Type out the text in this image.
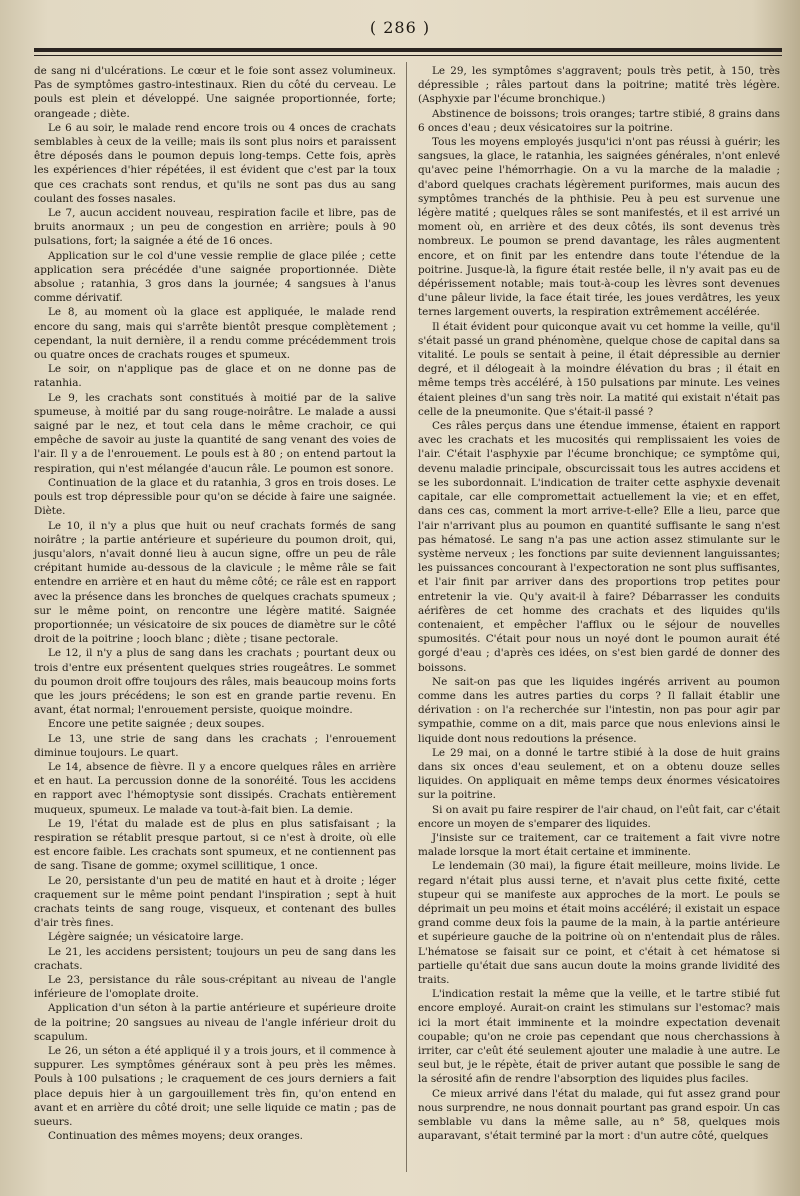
( 286 )

de sang ni d'ulcérations. Le cœur et le foie sont assez volumineux. Pas de symptômes gastro-intestinaux. Rien du côté du cerveau. Le pouls est plein et développé. Une saignée proportionnée, forte; orangeade ; diète.

Le 6 au soir, le malade rend encore trois ou 4 onces de crachats semblables à ceux de la veille; mais ils sont plus noirs et paraissent être déposés dans le poumon depuis long-temps. Cette fois, après les expériences d'hier répétées, il est évident que c'est par la toux que ces crachats sont rendus, et qu'ils ne sont pas dus au sang coulant des fosses nasales.

Le 7, aucun accident nouveau, respiration facile et libre, pas de bruits anormaux ; un peu de congestion en arrière; pouls à 90 pulsations, fort; la saignée a été de 16 onces.

Application sur le col d'une vessie remplie de glace pilée ; cette application sera précédée d'une saignée proportionnée. Diète absolue ; ratanhia, 3 gros dans la journée; 4 sangsues à l'anus comme dérivatif.

Le 8, au moment où la glace est appliquée, le malade rend encore du sang, mais qui s'arrête bientôt presque complètement ; cependant, la nuit dernière, il a rendu comme précédemment trois ou quatre onces de crachats rouges et spumeux.

Le soir, on n'applique pas de glace et on ne donne pas de ratanhia.

Le 9, les crachats sont constitués à moitié par de la salive spumeuse, à moitié par du sang rouge-noirâtre. Le malade a aussi saigné par le nez, et tout cela dans le même crachoir, ce qui empêche de savoir au juste la quantité de sang venant des voies de l'air. Il y a de l'enrouement. Le pouls est à 80 ; on entend partout la respiration, qui n'est mélangée d'aucun râle. Le poumon est sonore.

Continuation de la glace et du ratanhia, 3 gros en trois doses. Le pouls est trop dépressible pour qu'on se décide à faire une saignée. Diète.

Le 10, il n'y a plus que huit ou neuf crachats formés de sang noirâtre ; la partie antérieure et supérieure du poumon droit, qui, jusqu'alors, n'avait donné lieu à aucun signe, offre un peu de râle crépitant humide au-dessous de la clavicule ; le même râle se fait entendre en arrière et en haut du même côté; ce râle est en rapport avec la présence dans les bronches de quelques crachats spumeux ; sur le même point, on rencontre une légère matité. Saignée proportionnée; un vésicatoire de six pouces de diamètre sur le côté droit de la poitrine ; looch blanc ; diète ; tisane pectorale.

Le 12, il n'y a plus de sang dans les crachats ; pourtant deux ou trois d'entre eux présentent quelques stries rougeâtres. Le sommet du poumon droit offre toujours des râles, mais beaucoup moins forts que les jours précédens; le son est en grande partie revenu. En avant, état normal; l'enrouement persiste, quoique moindre.

Encore une petite saignée ; deux soupes.

Le 13, une strie de sang dans les crachats ; l'enrouement diminue toujours. Le quart.

Le 14, absence de fièvre. Il y a encore quelques râles en arrière et en haut. La percussion donne de la sonoréité. Tous les accidens en rapport avec l'hémoptysie sont dissipés. Crachats entièrement muqueux, spumeux. Le malade va tout-à-fait bien. La demie.

Le 19, l'état du malade est de plus en plus satisfaisant ; la respiration se rétablit presque partout, si ce n'est à droite, où elle est encore faible. Les crachats sont spumeux, et ne contiennent pas de sang. Tisane de gomme; oxymel scillitique, 1 once.

Le 20, persistante d'un peu de matité en haut et à droite ; léger craquement sur le même point pendant l'inspiration ; sept à huit crachats teints de sang rouge, visqueux, et contenant des bulles d'air très fines.

Légère saignée; un vésicatoire large.

Le 21, les accidens persistent; toujours un peu de sang dans les crachats.

Le 23, persistance du râle sous-crépitant au niveau de l'angle inférieure de l'omoplate droite.

Application d'un séton à la partie antérieure et supérieure droite de la poitrine; 20 sangsues au niveau de l'angle inférieur droit du scapulum.

Le 26, un séton a été appliqué il y a trois jours, et il commence à suppurer. Les symptômes généraux sont à peu près les mêmes. Pouls à 100 pulsations ; le craquement de ces jours derniers a fait place depuis hier à un gargouillement très fin, qu'on entend en avant et en arrière du côté droit; une selle liquide ce matin ; pas de sueurs.

Continuation des mêmes moyens; deux oranges.

Le 29, les symptômes s'aggravent; pouls très petit, à 150, très dépressible ; râles partout dans la poitrine; matité très légère. (Asphyxie par l'écume bronchique.)

Abstinence de boissons; trois oranges; tartre stibié, 8 grains dans 6 onces d'eau ; deux vésicatoires sur la poitrine.

Tous les moyens employés jusqu'ici n'ont pas réussi à guérir; les sangsues, la glace, le ratanhia, les saignées générales, n'ont enlevé qu'avec peine l'hémorrhagie. On a vu la marche de la maladie ; d'abord quelques crachats légèrement puriformes, mais aucun des symptômes tranchés de la phthisie. Peu à peu est survenue une légère matité ; quelques râles se sont manifestés, et il est arrivé un moment où, en arrière et des deux côtés, ils sont devenus très nombreux. Le poumon se prend davantage, les râles augmentent encore, et on finit par les entendre dans toute l'étendue de la poitrine. Jusque-là, la figure était restée belle, il n'y avait pas eu de dépérissement notable; mais tout-à-coup les lèvres sont devenues d'une pâleur livide, la face était tirée, les joues verdâtres, les yeux ternes largement ouverts, la respiration extrêmement accélérée.

Il était évident pour quiconque avait vu cet homme la veille, qu'il s'était passé un grand phénomène, quelque chose de capital dans sa vitalité. Le pouls se sentait à peine, il était dépressible au dernier degré, et il délogeait à la moindre élévation du bras ; il était en même temps très accéléré, à 150 pulsations par minute. Les veines étaient pleines d'un sang très noir. La matité qui existait n'était pas celle de la pneumonite. Que s'était-il passé ?

Ces râles perçus dans une étendue immense, étaient en rapport avec les crachats et les mucosités qui remplissaient les voies de l'air. C'était l'asphyxie par l'écume bronchique; ce symptôme qui, devenu maladie principale, obscurcissait tous les autres accidens et se les subordonnait. L'indication de traiter cette asphyxie devenait capitale, car elle compromettait actuellement la vie; et en effet, dans ces cas, comment la mort arrive-t-elle? Elle a lieu, parce que l'air n'arrivant plus au poumon en quantité suffisante le sang n'est pas hématosé. Le sang n'a pas une action assez stimulante sur le système nerveux ; les fonctions par suite deviennent languissantes; les puissances concourant à l'expectoration ne sont plus suffisantes, et l'air finit par arriver dans des proportions trop petites pour entretenir la vie. Qu'y avait-il à faire? Débarrasser les conduits aérifères de cet homme des crachats et des liquides qu'ils contenaient, et empêcher l'afflux ou le séjour de nouvelles spumosités. C'était pour nous un noyé dont le poumon aurait été gorgé d'eau ; d'après ces idées, on s'est bien gardé de donner des boissons.

Ne sait-on pas que les liquides ingérés arrivent au poumon comme dans les autres parties du corps ? Il fallait établir une dérivation : on l'a recherchée sur l'intestin, non pas pour agir par sympathie, comme on a dit, mais parce que nous enlevions ainsi le liquide dont nous redoutions la présence.

Le 29 mai, on a donné le tartre stibié à la dose de huit grains dans six onces d'eau seulement, et on a obtenu douze selles liquides. On appliquait en même temps deux énormes vésicatoires sur la poitrine.

Si on avait pu faire respirer de l'air chaud, on l'eût fait, car c'était encore un moyen de s'emparer des liquides.

J'insiste sur ce traitement, car ce traitement a fait vivre notre malade lorsque la mort était certaine et imminente.

Le lendemain (30 mai), la figure était meilleure, moins livide. Le regard n'était plus aussi terne, et n'avait plus cette fixité, cette stupeur qui se manifeste aux approches de la mort. Le pouls se déprimait un peu moins et était moins accéléré; il existait un espace grand comme deux fois la paume de la main, à la partie antérieure et supérieure gauche de la poitrine où on n'entendait plus de râles. L'hématose se faisait sur ce point, et c'était à cet hématose si partielle qu'était due sans aucun doute la moins grande lividité des traits.

L'indication restait la même que la veille, et le tartre stibié fut encore employé. Aurait-on craint les stimulans sur l'estomac? mais ici la mort était imminente et la moindre expectation devenait coupable; qu'on ne croie pas cependant que nous cherchassions à irriter, car c'eût été seulement ajouter une maladie à une autre. Le seul but, je le répète, était de priver autant que possible le sang de la sérosité afin de rendre l'absorption des liquides plus faciles.

Ce mieux arrivé dans l'état du malade, qui fut assez grand pour nous surprendre, ne nous donnait pourtant pas grand espoir. Un cas semblable vu dans la même salle, au n° 58, quelques mois auparavant, s'était terminé par la mort : d'un autre côté, quelques
